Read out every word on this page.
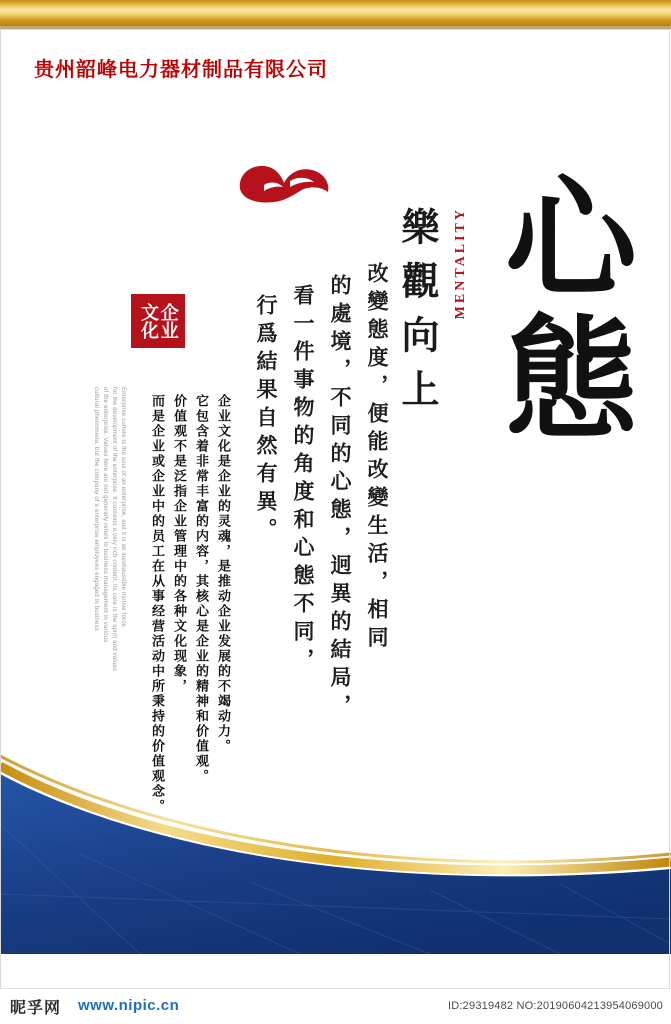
贵州韶峰电力器材制品有限公司
企业文化 心態
MENTALITY
樂觀向上
改變態度，便能改變生活，相同
的處境，不同的心態，迥異的結局，
看一件事物的角度和心態不同，
行爲結果自然有異。
企业文化是企业的灵魂，是推动企业发展的不竭动力。
它包含着非常丰富的内容，其核心是企业的精神和价值观。
价值观不是泛指企业管理中的各种文化现象，
而是企业或企业中的员工在从事经营活动中所秉持的价值观念。
Enterprise culture is the soul of an enterprise, and it is an inexhaustible motive force
for the development of the enterprise. It contains a very rich content, its core is the spirit and values
of the enterprise. Values here are not generally refers to business management in various
cultural phenomena, but the company of a enterprise employees engaged in business
昵孚网 www.nipic.cn	ID:29319482 NO:20190604213954069000
